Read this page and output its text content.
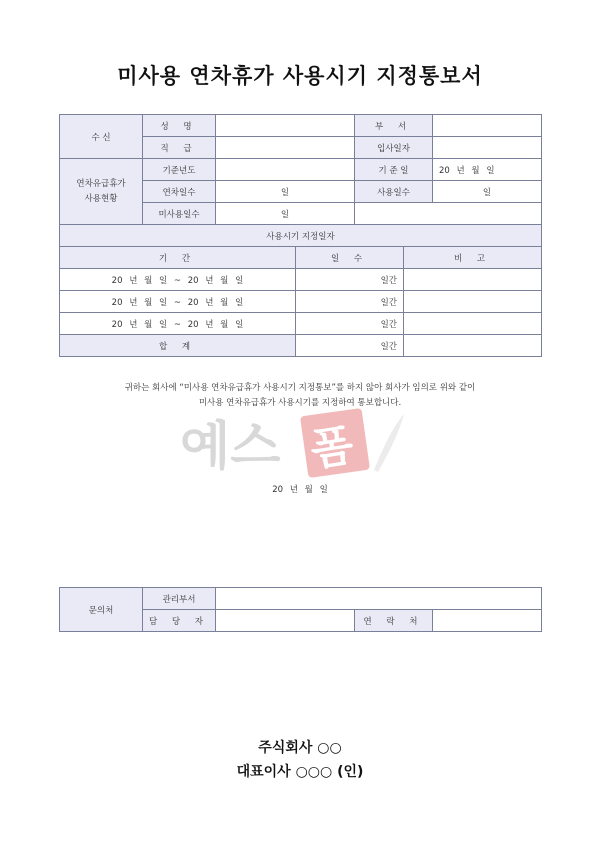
미사용 연차휴가 사용시기 지정통보서
수 신	성 명			부 서		
	직 급			입사일자		

연차유급휴가
사용현황	기준년도			기 준 일		20 년 월 일
	연차일수	일		사용일수		일
	미사용일수	일				
사용시기 지정일자						
기 간			일 수		비 고	
20 년 월 일 ~ 20 년 월 일			일간			
20 년 월 일 ~ 20 년 월 일			일간			
20 년 월 일 ~ 20 년 월 일			일간			
합 계			일간			
귀하는 회사에 “미사용 연차유급휴가 사용시기 지정통보”를 하지 않아 회사가 임의로 위와 같이
미사용 연차유급휴가 사용시기를 지정하여 통보합니다.
예스 폼
20 년 월 일
문의처	관리부서			
	담 당 자		연 락 처	
주식회사 ○○
대표이사 ○○○ (인)
